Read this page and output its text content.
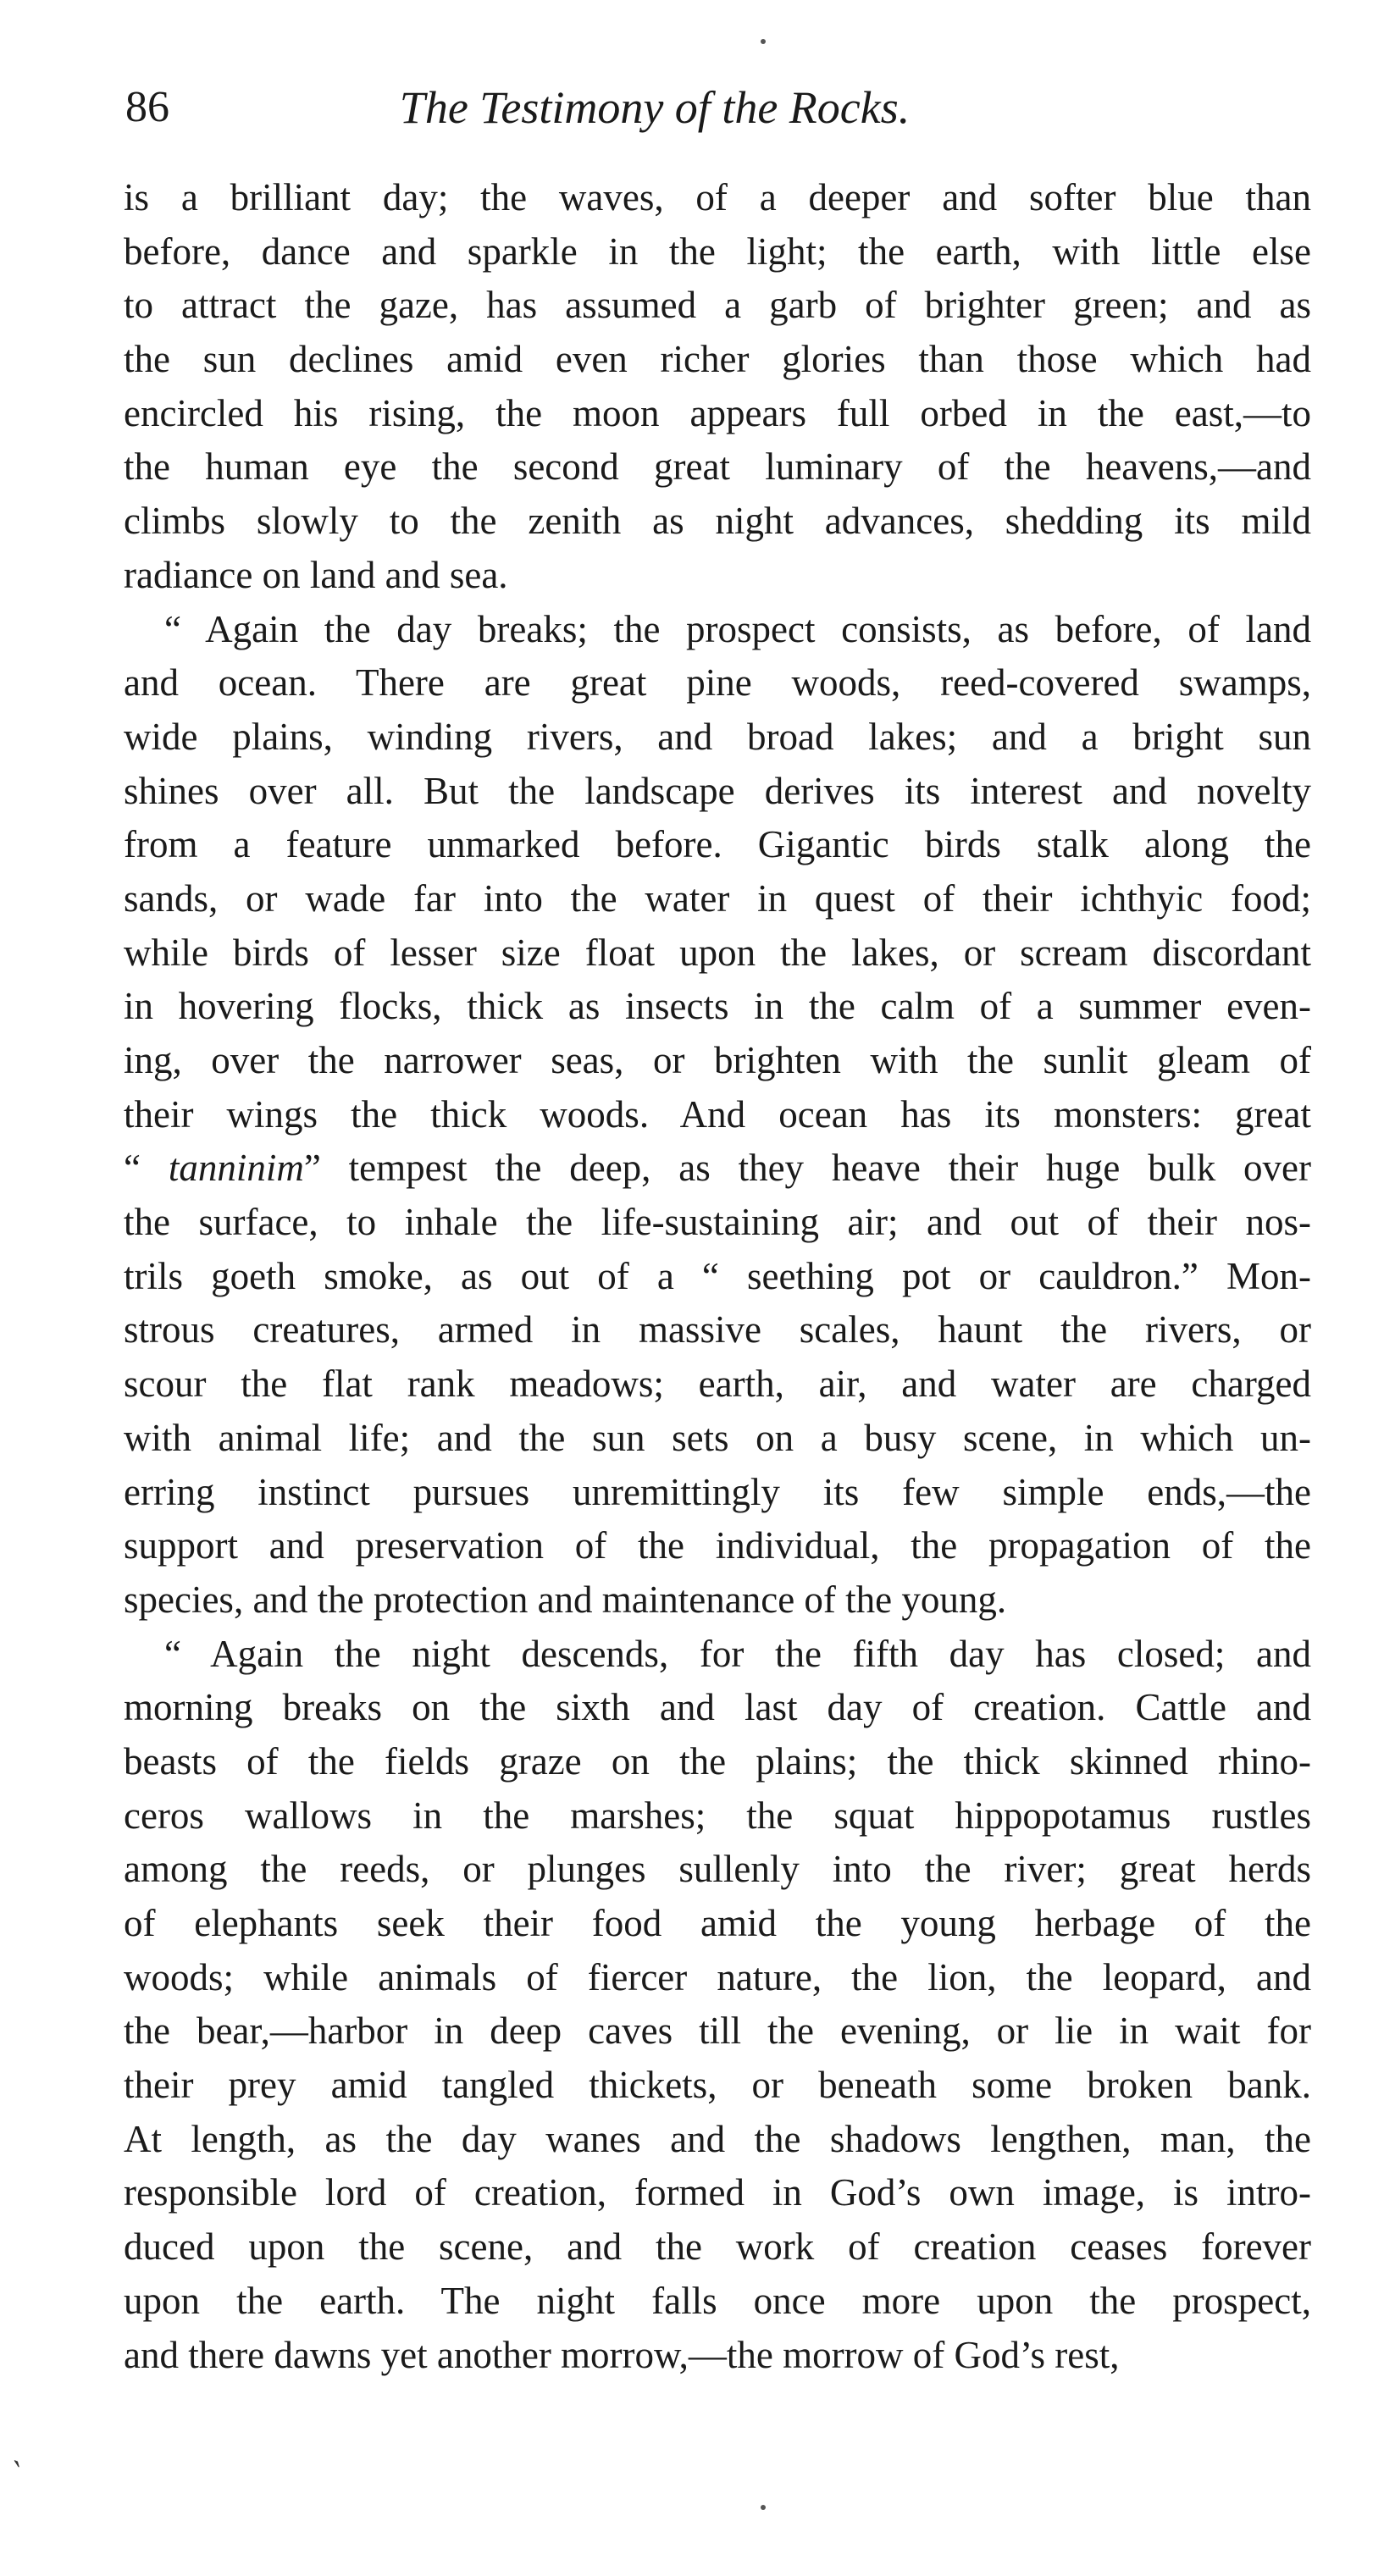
86	The Testimony of the Rocks.
is a brilliant day; the waves, of a deeper and softer blue than
before, dance and sparkle in the light; the earth, with little else
to attract the gaze, has assumed a garb of brighter green; and as
the sun declines amid even richer glories than those which had
encircled his rising, the moon appears full orbed in the east,—to
the human eye the second great luminary of the heavens,—and
climbs slowly to the zenith as night advances, shedding its mild
radiance on land and sea.
“ Again the day breaks; the prospect consists, as before, of land
and ocean. There are great pine woods, reed-covered swamps,
wide plains, winding rivers, and broad lakes; and a bright sun
shines over all. But the landscape derives its interest and novelty
from a feature unmarked before. Gigantic birds stalk along the
sands, or wade far into the water in quest of their ichthyic food;
while birds of lesser size float upon the lakes, or scream discordant
in hovering flocks, thick as insects in the calm of a summer even-
ing, over the narrower seas, or brighten with the sunlit gleam of
their wings the thick woods. And ocean has its monsters: great
“ tanninim” tempest the deep, as they heave their huge bulk over
the surface, to inhale the life-sustaining air; and out of their nos-
trils goeth smoke, as out of a “ seething pot or cauldron.” Mon-
strous creatures, armed in massive scales, haunt the rivers, or
scour the flat rank meadows; earth, air, and water are charged
with animal life; and the sun sets on a busy scene, in which un-
erring instinct pursues unremittingly its few simple ends,—the
support and preservation of the individual, the propagation of the
species, and the protection and maintenance of the young.
“ Again the night descends, for the fifth day has closed; and
morning breaks on the sixth and last day of creation. Cattle and
beasts of the fields graze on the plains; the thick skinned rhino-
ceros wallows in the marshes; the squat hippopotamus rustles
among the reeds, or plunges sullenly into the river; great herds
of elephants seek their food amid the young herbage of the
woods; while animals of fiercer nature, the lion, the leopard, and
the bear,—harbor in deep caves till the evening, or lie in wait for
their prey amid tangled thickets, or beneath some broken bank.
At length, as the day wanes and the shadows lengthen, man, the
responsible lord of creation, formed in God’s own image, is intro-
duced upon the scene, and the work of creation ceases forever
upon the earth. The night falls once more upon the prospect,
and there dawns yet another morrow,—the morrow of God’s rest,
ˏ
